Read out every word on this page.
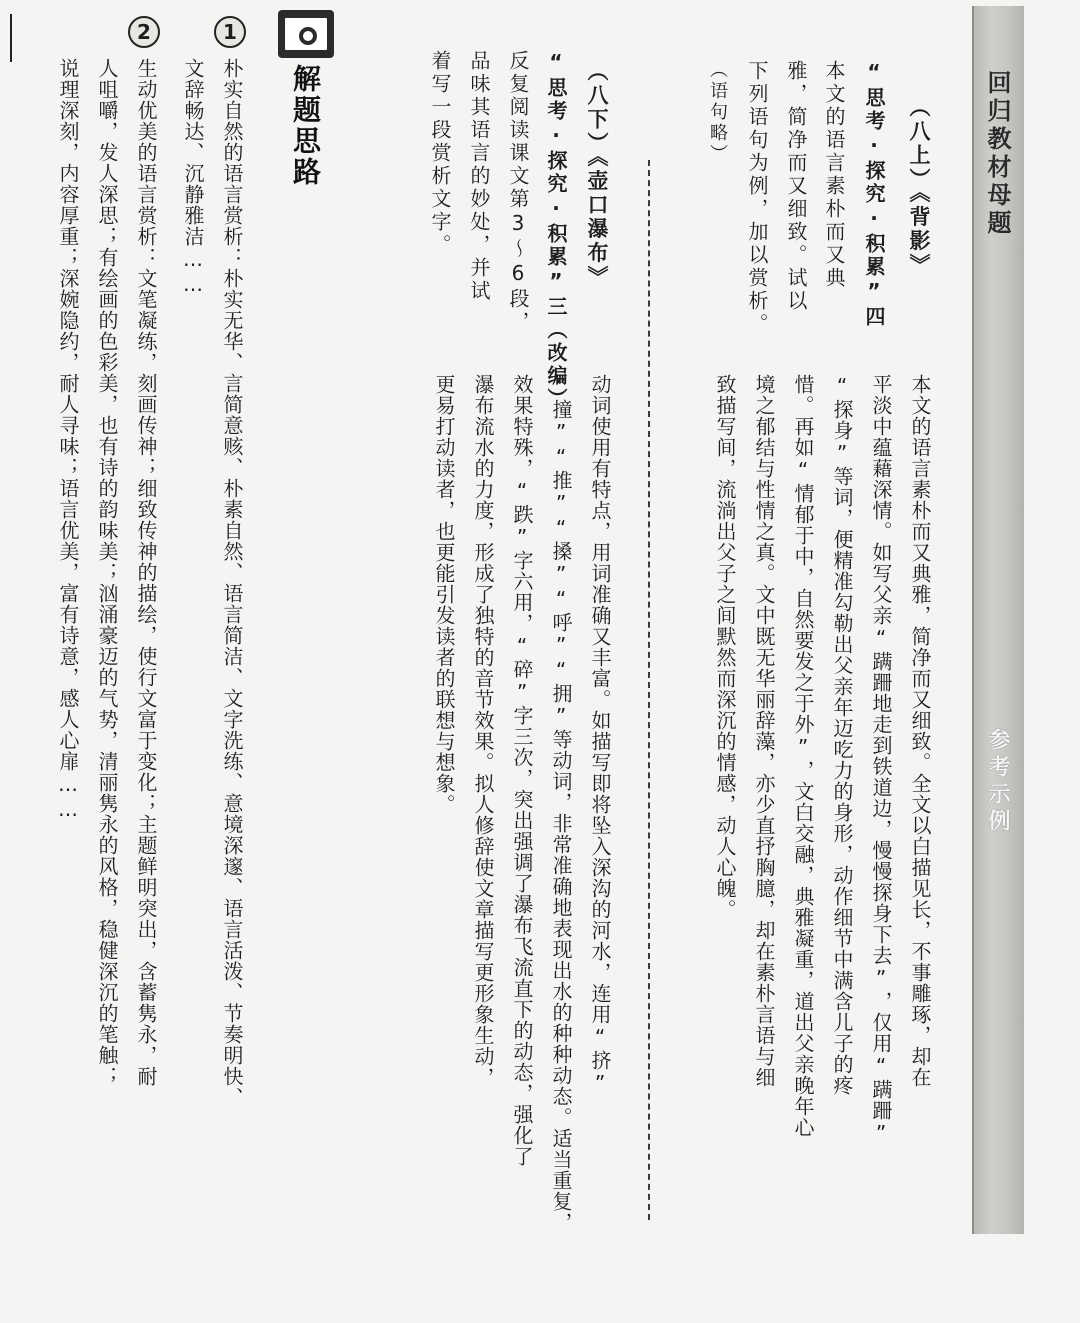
回归教材母题
参考示例
（八上）《背影》
“思考·探究·积累”四
本文的语言素朴而又典
雅，简净而又细致。试以
下列语句为例，加以赏析。
（语句略）
本文的语言素朴而又典雅，简净而又细致。全文以白描见长，不事雕琢，却在
平淡中蕴藉深情。如写父亲“蹒跚地走到铁道边，慢慢探身下去”，仅用“蹒跚”
“探身”等词，便精准勾勒出父亲年迈吃力的身形，动作细节中满含儿子的疼
惜。再如“情郁于中，自然要发之于外”，文白交融，典雅凝重，道出父亲晚年心
境之郁结与性情之真。文中既无华丽辞藻，亦少直抒胸臆，却在素朴言语与细
致描写间，流淌出父子之间默然而深沉的情感，动人心魄。
（八下）《壶口瀑布》
“思考·探究·积累”三（改编）
反复阅读课文第3～6段，
品味其语言的妙处，并试
着写一段赏析文字。
动词使用有特点，用词准确又丰富。如描写即将坠入深沟的河水，连用“挤”
“撞”“推”“搡”“呼”“拥”等动词，非常准确地表现出水的种种动态。适当重复，
效果特殊，“跌”字六用，“碎”字三次，突出强调了瀑布飞流直下的动态，强化了
瀑布流水的力度，形成了独特的音节效果。拟人修辞使文章描写更形象生动，
更易打动读者，也更能引发读者的联想与想象。
解题思路
1
朴实自然的语言赏析：朴实无华、言简意赅、朴素自然、语言简洁、文字洗练、意境深邃、语言活泼、节奏明快、
文辞畅达、沉静雅洁……
2
生动优美的语言赏析：文笔凝练，刻画传神；细致传神的描绘，使行文富于变化；主题鲜明突出，含蓄隽永，耐
人咀嚼，发人深思；有绘画的色彩美，也有诗的韵味美；汹涌豪迈的气势，清丽隽永的风格，稳健深沉的笔触；
说理深刻，内容厚重；深婉隐约，耐人寻味；语言优美，富有诗意，感人心扉……
